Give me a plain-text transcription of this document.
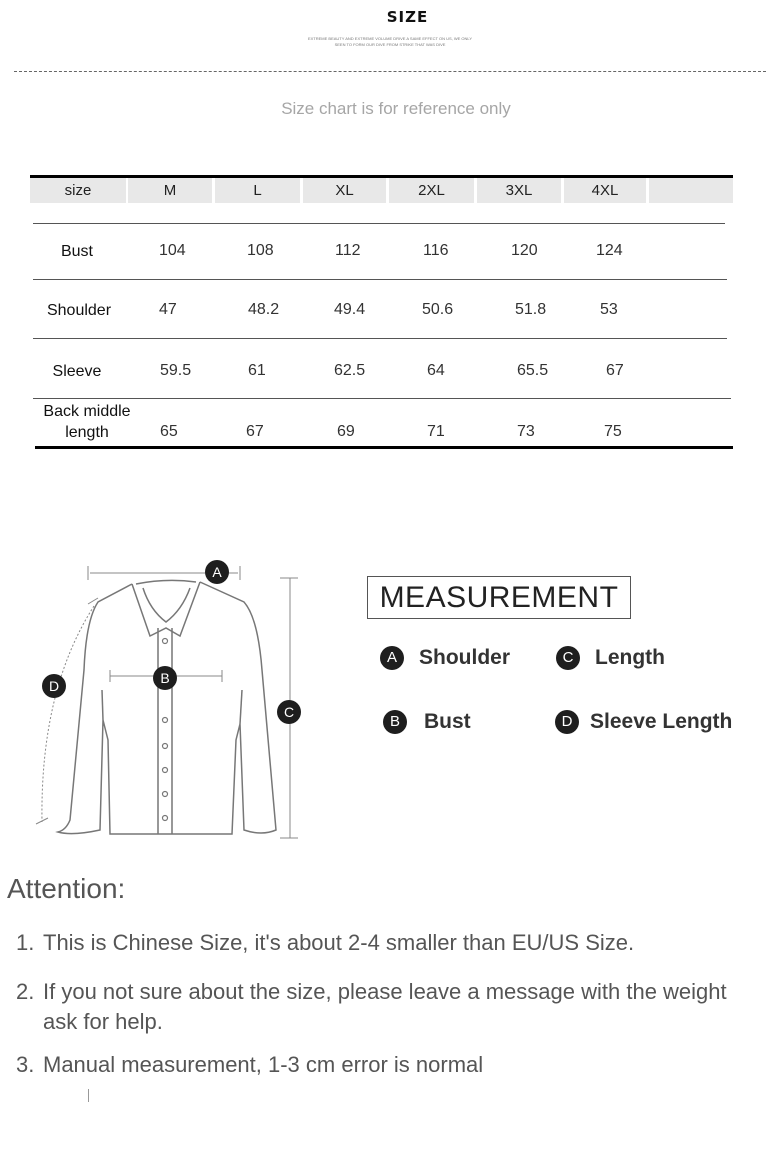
SIZE
EXTREME BEAUTY AND EXTREME VOLUME DRIVE A SAME EFFECT ON US, WE ONLY
SEEN TO FORM OUR DIVE FROM STRIKE THAT WAS DIVE
Size chart is for reference only
size	M	L	XL	2XL	3XL	4XL
Bust	104	108	112	116	120	124
Shoulder	47	48.2	49.4	50.6	51.8	53
Sleeve	59.5	61	62.5	64	65.5	67
Back middle
length	65	67	69	71	73	75
A
B
C
D
MEASUREMENT
A	Shoulder	C	Length
B	Bust	D Sleeve Length
Attention:
1. This is Chinese Size, it's about 2-4 smaller than EU/US Size.
2. If you not sure about the size, please leave a message with the weight ask for help.
3. Manual measurement, 1-3 cm error is normal
